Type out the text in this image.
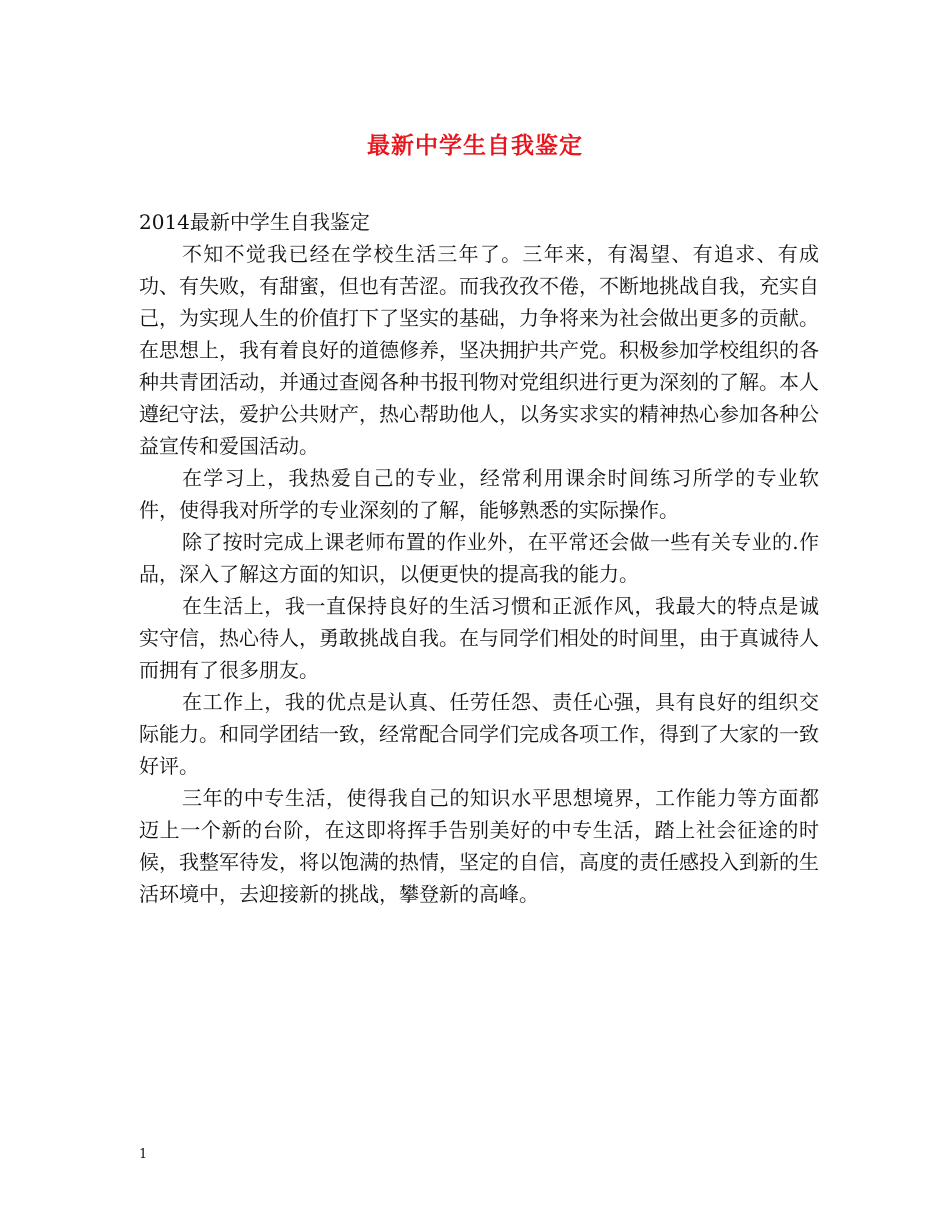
最新中学生自我鉴定

2014最新中学生自我鉴定

不知不觉我已经在学校生活三年了。三年来，有渴望、有追求、有成功、有失败，有甜蜜，但也有苦涩。而我孜孜不倦，不断地挑战自我，充实自己，为实现人生的价值打下了坚实的基础，力争将来为社会做出更多的贡献。在思想上，我有着良好的道德修养，坚决拥护共产党。积极参加学校组织的各种共青团活动，并通过查阅各种书报刊物对党组织进行更为深刻的了解。本人遵纪守法，爱护公共财产，热心帮助他人，以务实求实的精神热心参加各种公益宣传和爱国活动。

在学习上，我热爱自己的专业，经常利用课余时间练习所学的专业软件，使得我对所学的专业深刻的了解，能够熟悉的实际操作。

除了按时完成上课老师布置的作业外，在平常还会做一些有关专业的.作品，深入了解这方面的知识，以便更快的提高我的能力。

在生活上，我一直保持良好的生活习惯和正派作风，我最大的特点是诚实守信，热心待人，勇敢挑战自我。在与同学们相处的时间里，由于真诚待人而拥有了很多朋友。

在工作上，我的优点是认真、任劳任怨、责任心强，具有良好的组织交际能力。和同学团结一致，经常配合同学们完成各项工作，得到了大家的一致好评。

三年的中专生活，使得我自己的知识水平思想境界，工作能力等方面都迈上一个新的台阶，在这即将挥手告别美好的中专生活，踏上社会征途的时候，我整军待发，将以饱满的热情，坚定的自信，高度的责任感投入到新的生活环境中，去迎接新的挑战，攀登新的高峰。

1
